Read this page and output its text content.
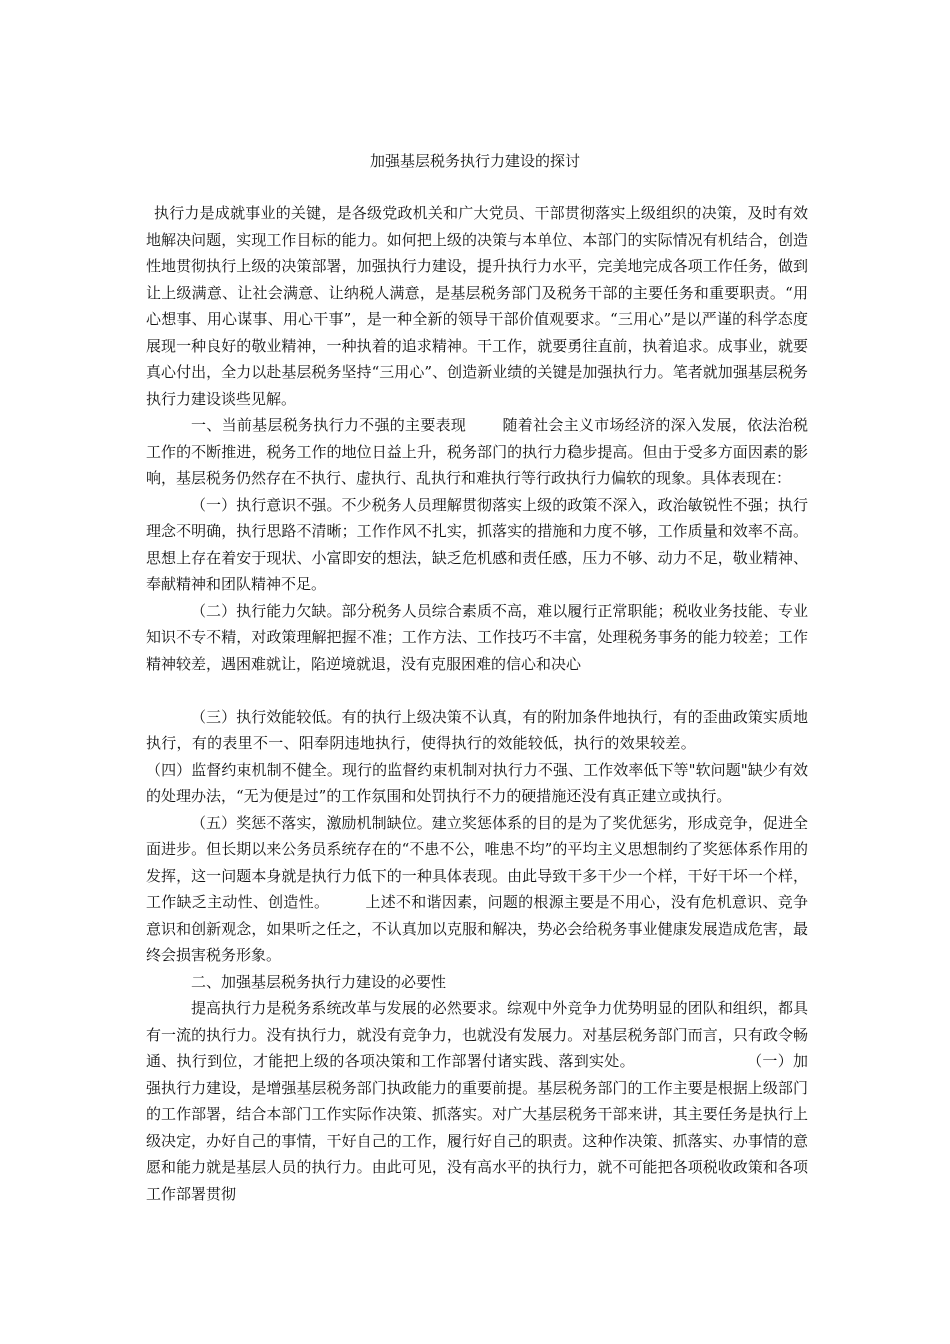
加强基层税务执行力建设的探讨

执行力是成就事业的关键，是各级党政机关和广大党员、干部贯彻落实上级组织的决策，及时有效地解决问题，实现工作目标的能力。如何把上级的决策与本单位、本部门的实际情况有机结合，创造性地贯彻执行上级的决策部署，加强执行力建设，提升执行力水平，完美地完成各项工作任务，做到让上级满意、让社会满意、让纳税人满意，是基层税务部门及税务干部的主要任务和重要职责。“用心想事、用心谋事、用心干事”，是一种全新的领导干部价值观要求。“三用心”是以严谨的科学态度展现一种良好的敬业精神，一种执着的追求精神。干工作，就要勇往直前，执着追求。成事业，就要真心付出，全力以赴基层税务坚持“三用心”、创造新业绩的关键是加强执行力。笔者就加强基层税务执行力建设谈些见解。

一、当前基层税务执行力不强的主要表现 随着社会主义市场经济的深入发展，依法治税工作的不断推进，税务工作的地位日益上升，税务部门的执行力稳步提高。但由于受多方面因素的影响，基层税务仍然存在不执行、虚执行、乱执行和难执行等行政执行力偏软的现象。具体表现在：

（一）执行意识不强。不少税务人员理解贯彻落实上级的政策不深入，政治敏锐性不强；执行理念不明确，执行思路不清晰；工作作风不扎实，抓落实的措施和力度不够，工作质量和效率不高。思想上存在着安于现状、小富即安的想法，缺乏危机感和责任感，压力不够、动力不足，敬业精神、奉献精神和团队精神不足。

（二）执行能力欠缺。部分税务人员综合素质不高，难以履行正常职能；税收业务技能、专业知识不专不精，对政策理解把握不准；工作方法、工作技巧不丰富，处理税务事务的能力较差；工作精神较差，遇困难就让，陷逆境就退，没有克服困难的信心和决心

（三）执行效能较低。有的执行上级决策不认真，有的附加条件地执行，有的歪曲政策实质地执行，有的表里不一、阳奉阴违地执行，使得执行的效能较低，执行的效果较差。（四）监督约束机制不健全。现行的监督约束机制对执行力不强、工作效率低下等"软问题"缺少有效的处理办法，“无为便是过”的工作氛围和处罚执行不力的硬措施还没有真正建立或执行。

（五）奖惩不落实，激励机制缺位。建立奖惩体系的目的是为了奖优惩劣，形成竞争，促进全面进步。但长期以来公务员系统存在的“不患不公，唯患不均”的平均主义思想制约了奖惩体系作用的发挥，这一问题本身就是执行力低下的一种具体表现。由此导致干多干少一个样，干好干坏一个样，工作缺乏主动性、创造性。 上述不和谐因素，问题的根源主要是不用心，没有危机意识、竞争意识和创新观念，如果听之任之，不认真加以克服和解决，势必会给税务事业健康发展造成危害，最终会损害税务形象。

二、加强基层税务执行力建设的必要性

提高执行力是税务系统改革与发展的必然要求。综观中外竞争力优势明显的团队和组织，都具有一流的执行力。没有执行力，就没有竞争力，也就没有发展力。对基层税务部门而言，只有政令畅通、执行到位，才能把上级的各项决策和工作部署付诸实践、落到实处。	（一）加强执行力建设，是增强基层税务部门执政能力的重要前提。基层税务部门的工作主要是根据上级部门的工作部署，结合本部门工作实际作决策、抓落实。对广大基层税务干部来讲，其主要任务是执行上级决定，办好自己的事情，干好自己的工作，履行好自己的职责。这种作决策、抓落实、办事情的意愿和能力就是基层人员的执行力。由此可见，没有高水平的执行力，就不可能把各项税收政策和各项工作部署贯彻
